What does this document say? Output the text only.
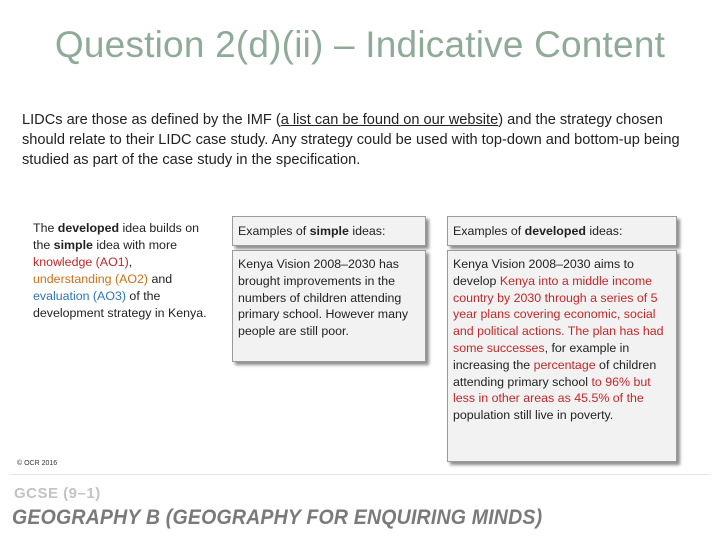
Question 2(d)(ii) – Indicative Content
LIDCs are those as defined by the IMF (a list can be found on our website) and the strategy chosen should relate to their LIDC case study. Any strategy could be used with top-down and bottom-up being studied as part of the case study in the specification.
The developed idea builds on the simple idea with more knowledge (AO1), understanding (AO2) and evaluation (AO3) of the development strategy in Kenya.
Examples of simple ideas:
Kenya Vision 2008–2030 has brought improvements in the numbers of children attending primary school. However many people are still poor.
Examples of developed ideas:
Kenya Vision 2008–2030 aims to develop Kenya into a middle income country by 2030 through a series of 5 year plans covering economic, social and political actions. The plan has had some successes, for example in increasing the percentage of children attending primary school to 96% but less in other areas as 45.5% of the population still live in poverty.
© OCR 2016
GCSE (9–1)
GEOGRAPHY B (GEOGRAPHY FOR ENQUIRING MINDS)
